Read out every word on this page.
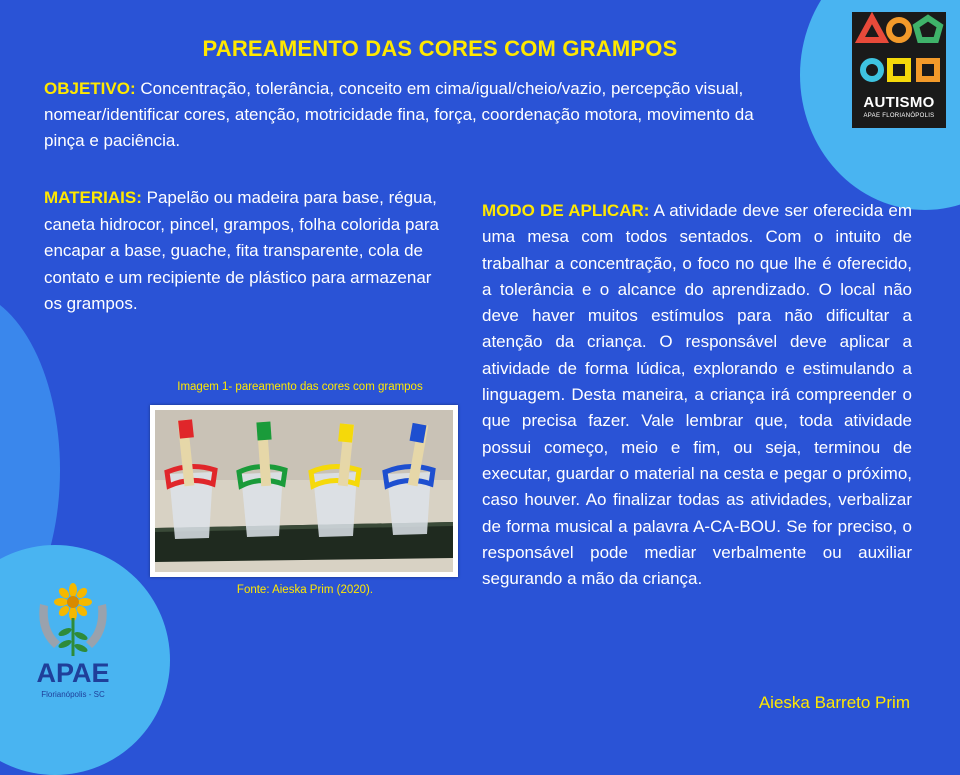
PAREAMENTO DAS CORES COM GRAMPOS
OBJETIVO: Concentração, tolerância, conceito em cima/igual/cheio/vazio, percepção visual, nomear/identificar cores, atenção, motricidade fina, força, coordenação motora, movimento da pinça e paciência.
MATERIAIS: Papelão ou madeira para base, régua, caneta hidrocor, pincel, grampos, folha colorida para encapar a base, guache, fita transparente, cola de contato e um recipiente de plástico para armazenar os grampos.
MODO DE APLICAR: A atividade deve ser oferecida em uma mesa com todos sentados. Com o intuito de trabalhar a concentração, o foco no que lhe é oferecido, a tolerância e o alcance do aprendizado. O local não deve haver muitos estímulos para não dificultar a atenção da criança. O responsável deve aplicar a atividade de forma lúdica, explorando e estimulando a linguagem. Desta maneira, a criança irá compreender o que precisa fazer. Vale lembrar que, toda atividade possui começo, meio e fim, ou seja, terminou de executar, guardar o material na cesta e pegar o próximo, caso houver. Ao finalizar todas as atividades, verbalizar de forma musical a palavra A-CA-BOU. Se for preciso, o responsável pode mediar verbalmente ou auxiliar segurando a mão da criança.
Imagem 1- pareamento das cores com grampos
Fonte: Aieska Prim (2020).
Aieska Barreto Prim
AUTISMO
APAE FLORIANÓPOLIS
APAE
Florianópolis - SC
